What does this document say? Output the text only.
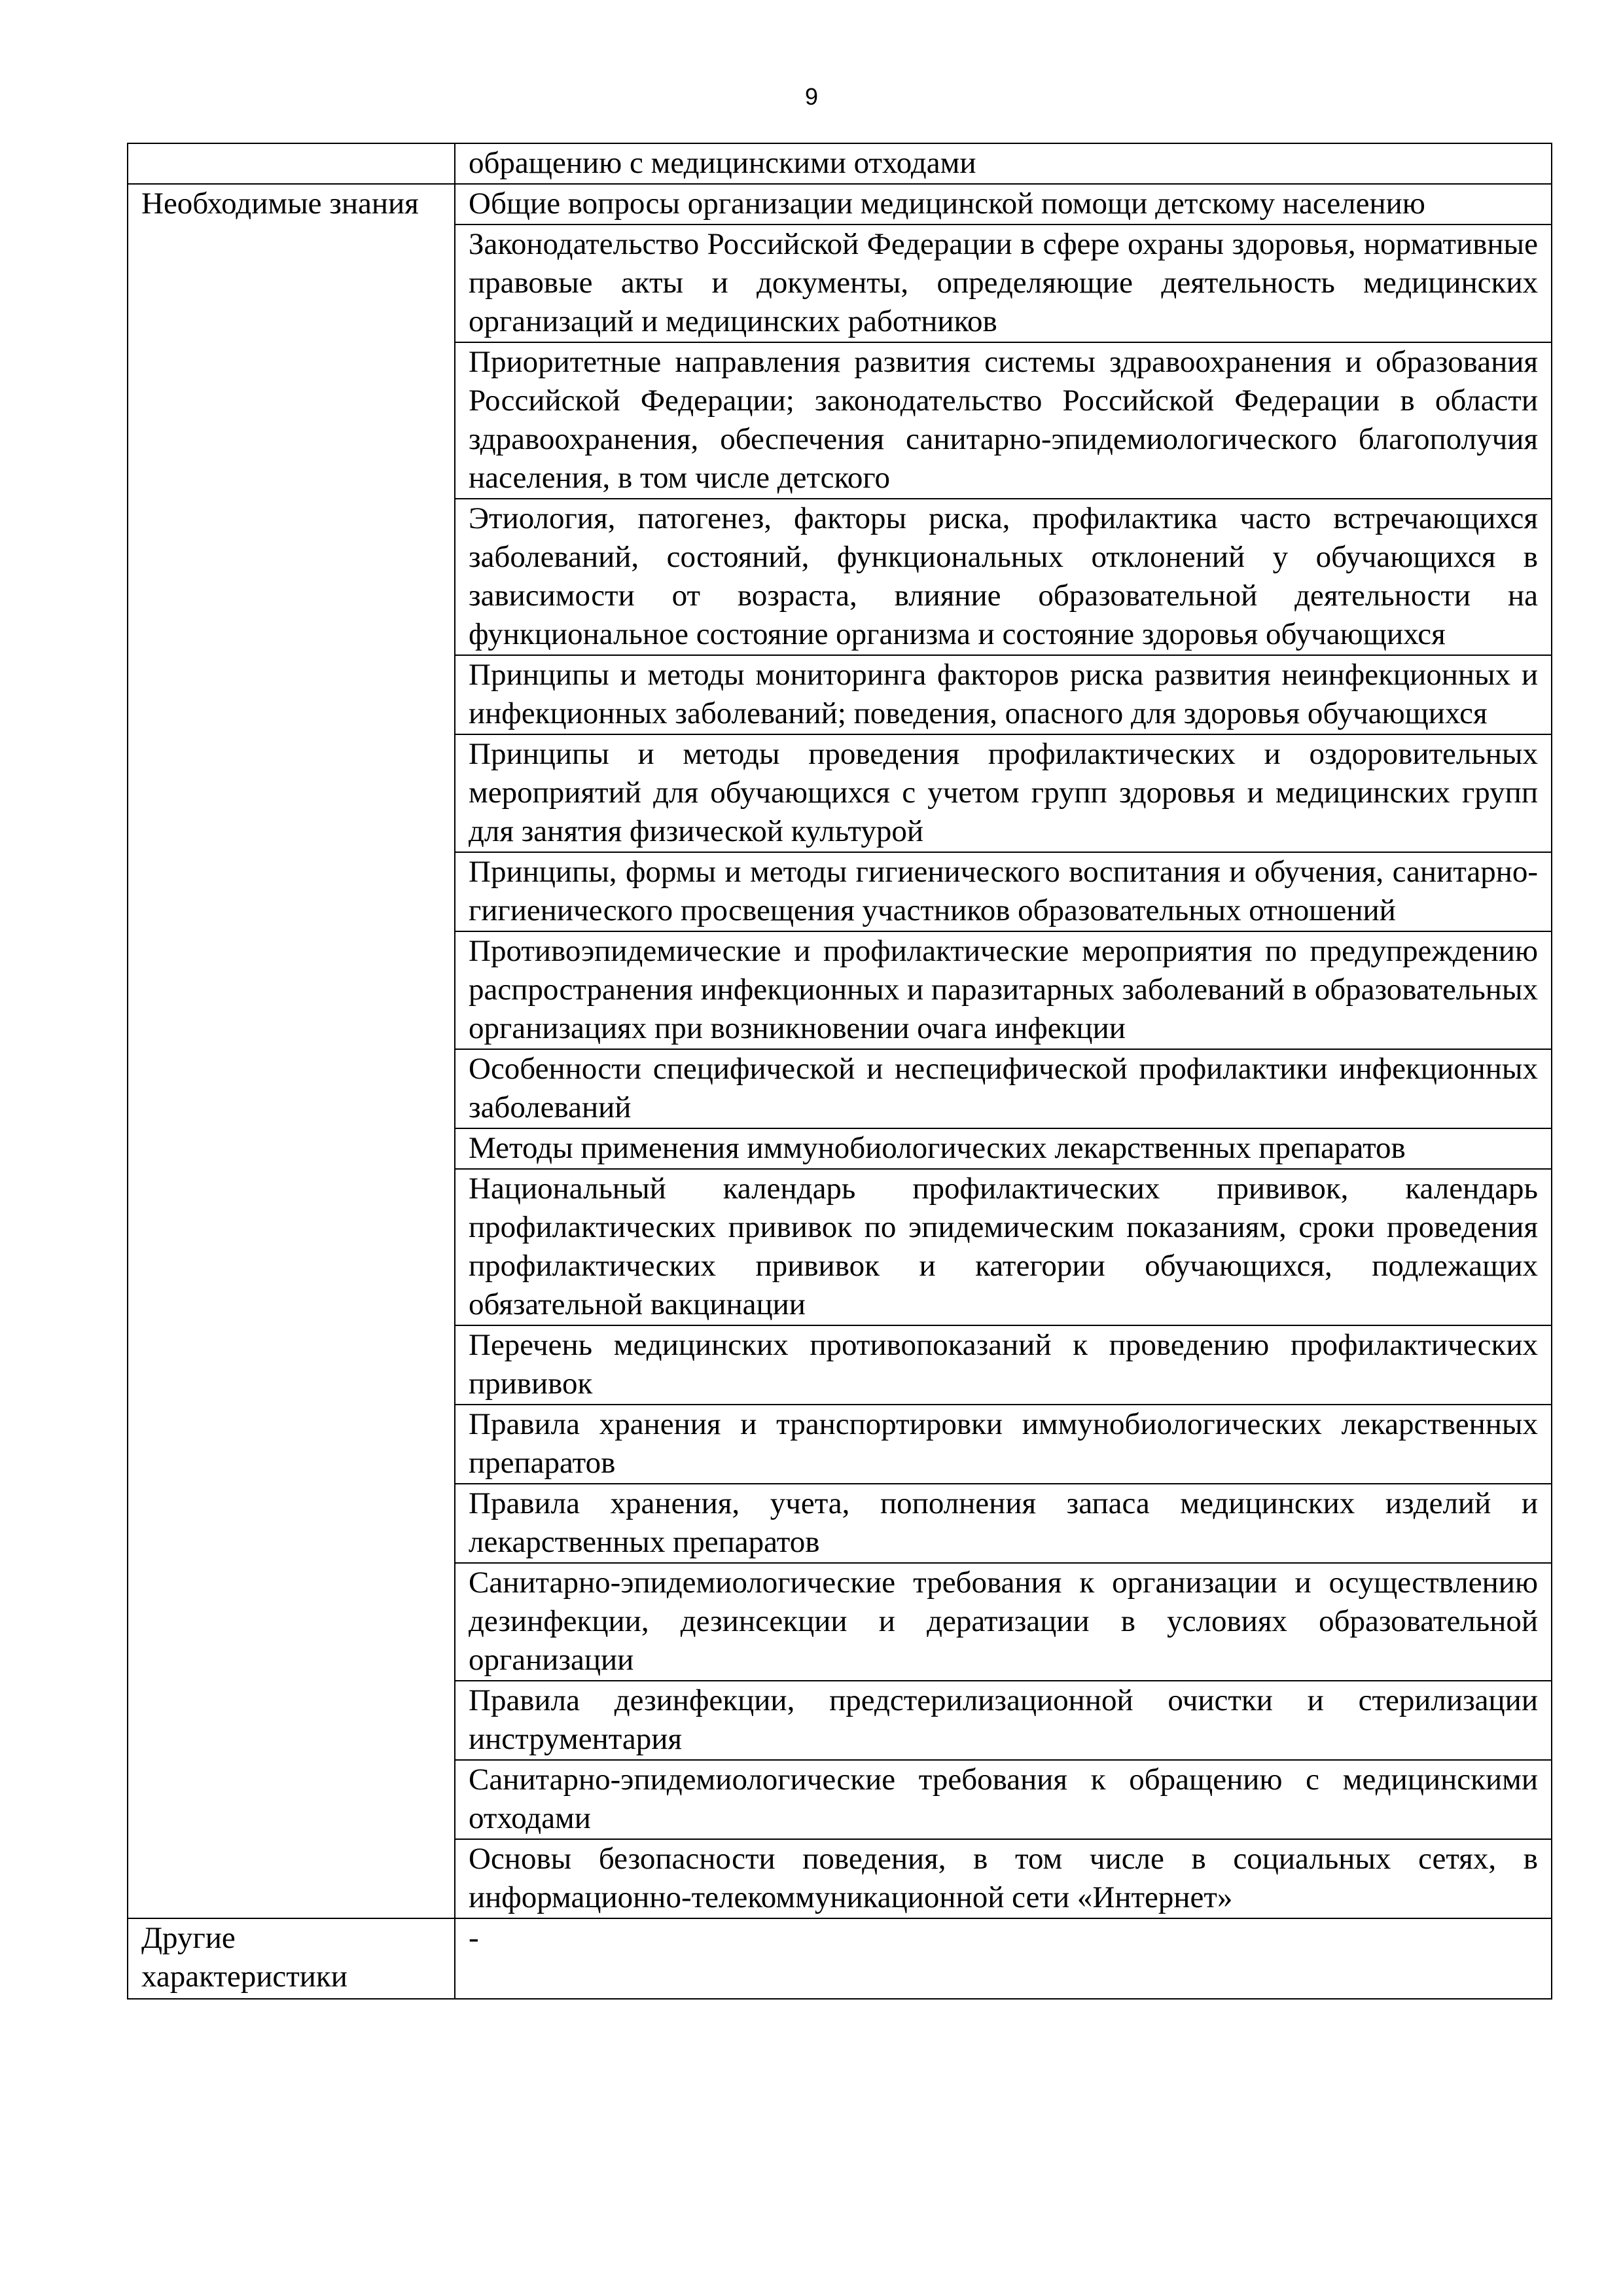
9
	обращению с медицинскими отходами
Необходимые знания	Общие вопросы организации медицинской помощи детскому населению
	Законодательство Российской Федерации в сфере охраны здоровья, нормативные правовые акты и документы, определяющие деятельность медицинских организаций и медицинских работников
	Приоритетные направления развития системы здравоохранения и образования Российской Федерации; законодательство Российской Федерации в области здравоохранения, обеспечения санитарно-эпидемиологического благополучия населения, в том числе детского
	Этиология, патогенез, факторы риска, профилактика часто встречающихся заболеваний, состояний, функциональных отклонений у обучающихся в зависимости от возраста, влияние образовательной деятельности на функциональное состояние организма и состояние здоровья обучающихся
	Принципы и методы мониторинга факторов риска развития неинфекционных и инфекционных заболеваний; поведения, опасного для здоровья обучающихся
	Принципы и методы проведения профилактических и оздоровительных мероприятий для обучающихся с учетом групп здоровья и медицинских групп для занятия физической культурой
	Принципы, формы и методы гигиенического воспитания и обучения, санитарно-гигиенического просвещения участников образовательных отношений
	Противоэпидемические и профилактические мероприятия по предупреждению распространения инфекционных и паразитарных заболеваний в образовательных организациях при возникновении очага инфекции
	Особенности специфической и неспецифической профилактики инфекционных заболеваний
	Методы применения иммунобиологических лекарственных препаратов
	Национальный календарь профилактических прививок, календарь профилактических прививок по эпидемическим показаниям, сроки проведения профилактических прививок и категории обучающихся, подлежащих обязательной вакцинации
	Перечень медицинских противопоказаний к проведению профилактических прививок
	Правила хранения и транспортировки иммунобиологических лекарственных препаратов
	Правила хранения, учета, пополнения запаса медицинских изделий и лекарственных препаратов
	Санитарно-эпидемиологические требования к организации и осуществлению дезинфекции, дезинсекции и дератизации в условиях образовательной организации
	Правила дезинфекции, предстерилизационной очистки и стерилизации инструментария
	Санитарно-эпидемиологические требования к обращению с медицинскими отходами
	Основы безопасности поведения, в том числе в социальных сетях, в информационно-телекоммуникационной сети «Интернет»
Другие характеристики	-
